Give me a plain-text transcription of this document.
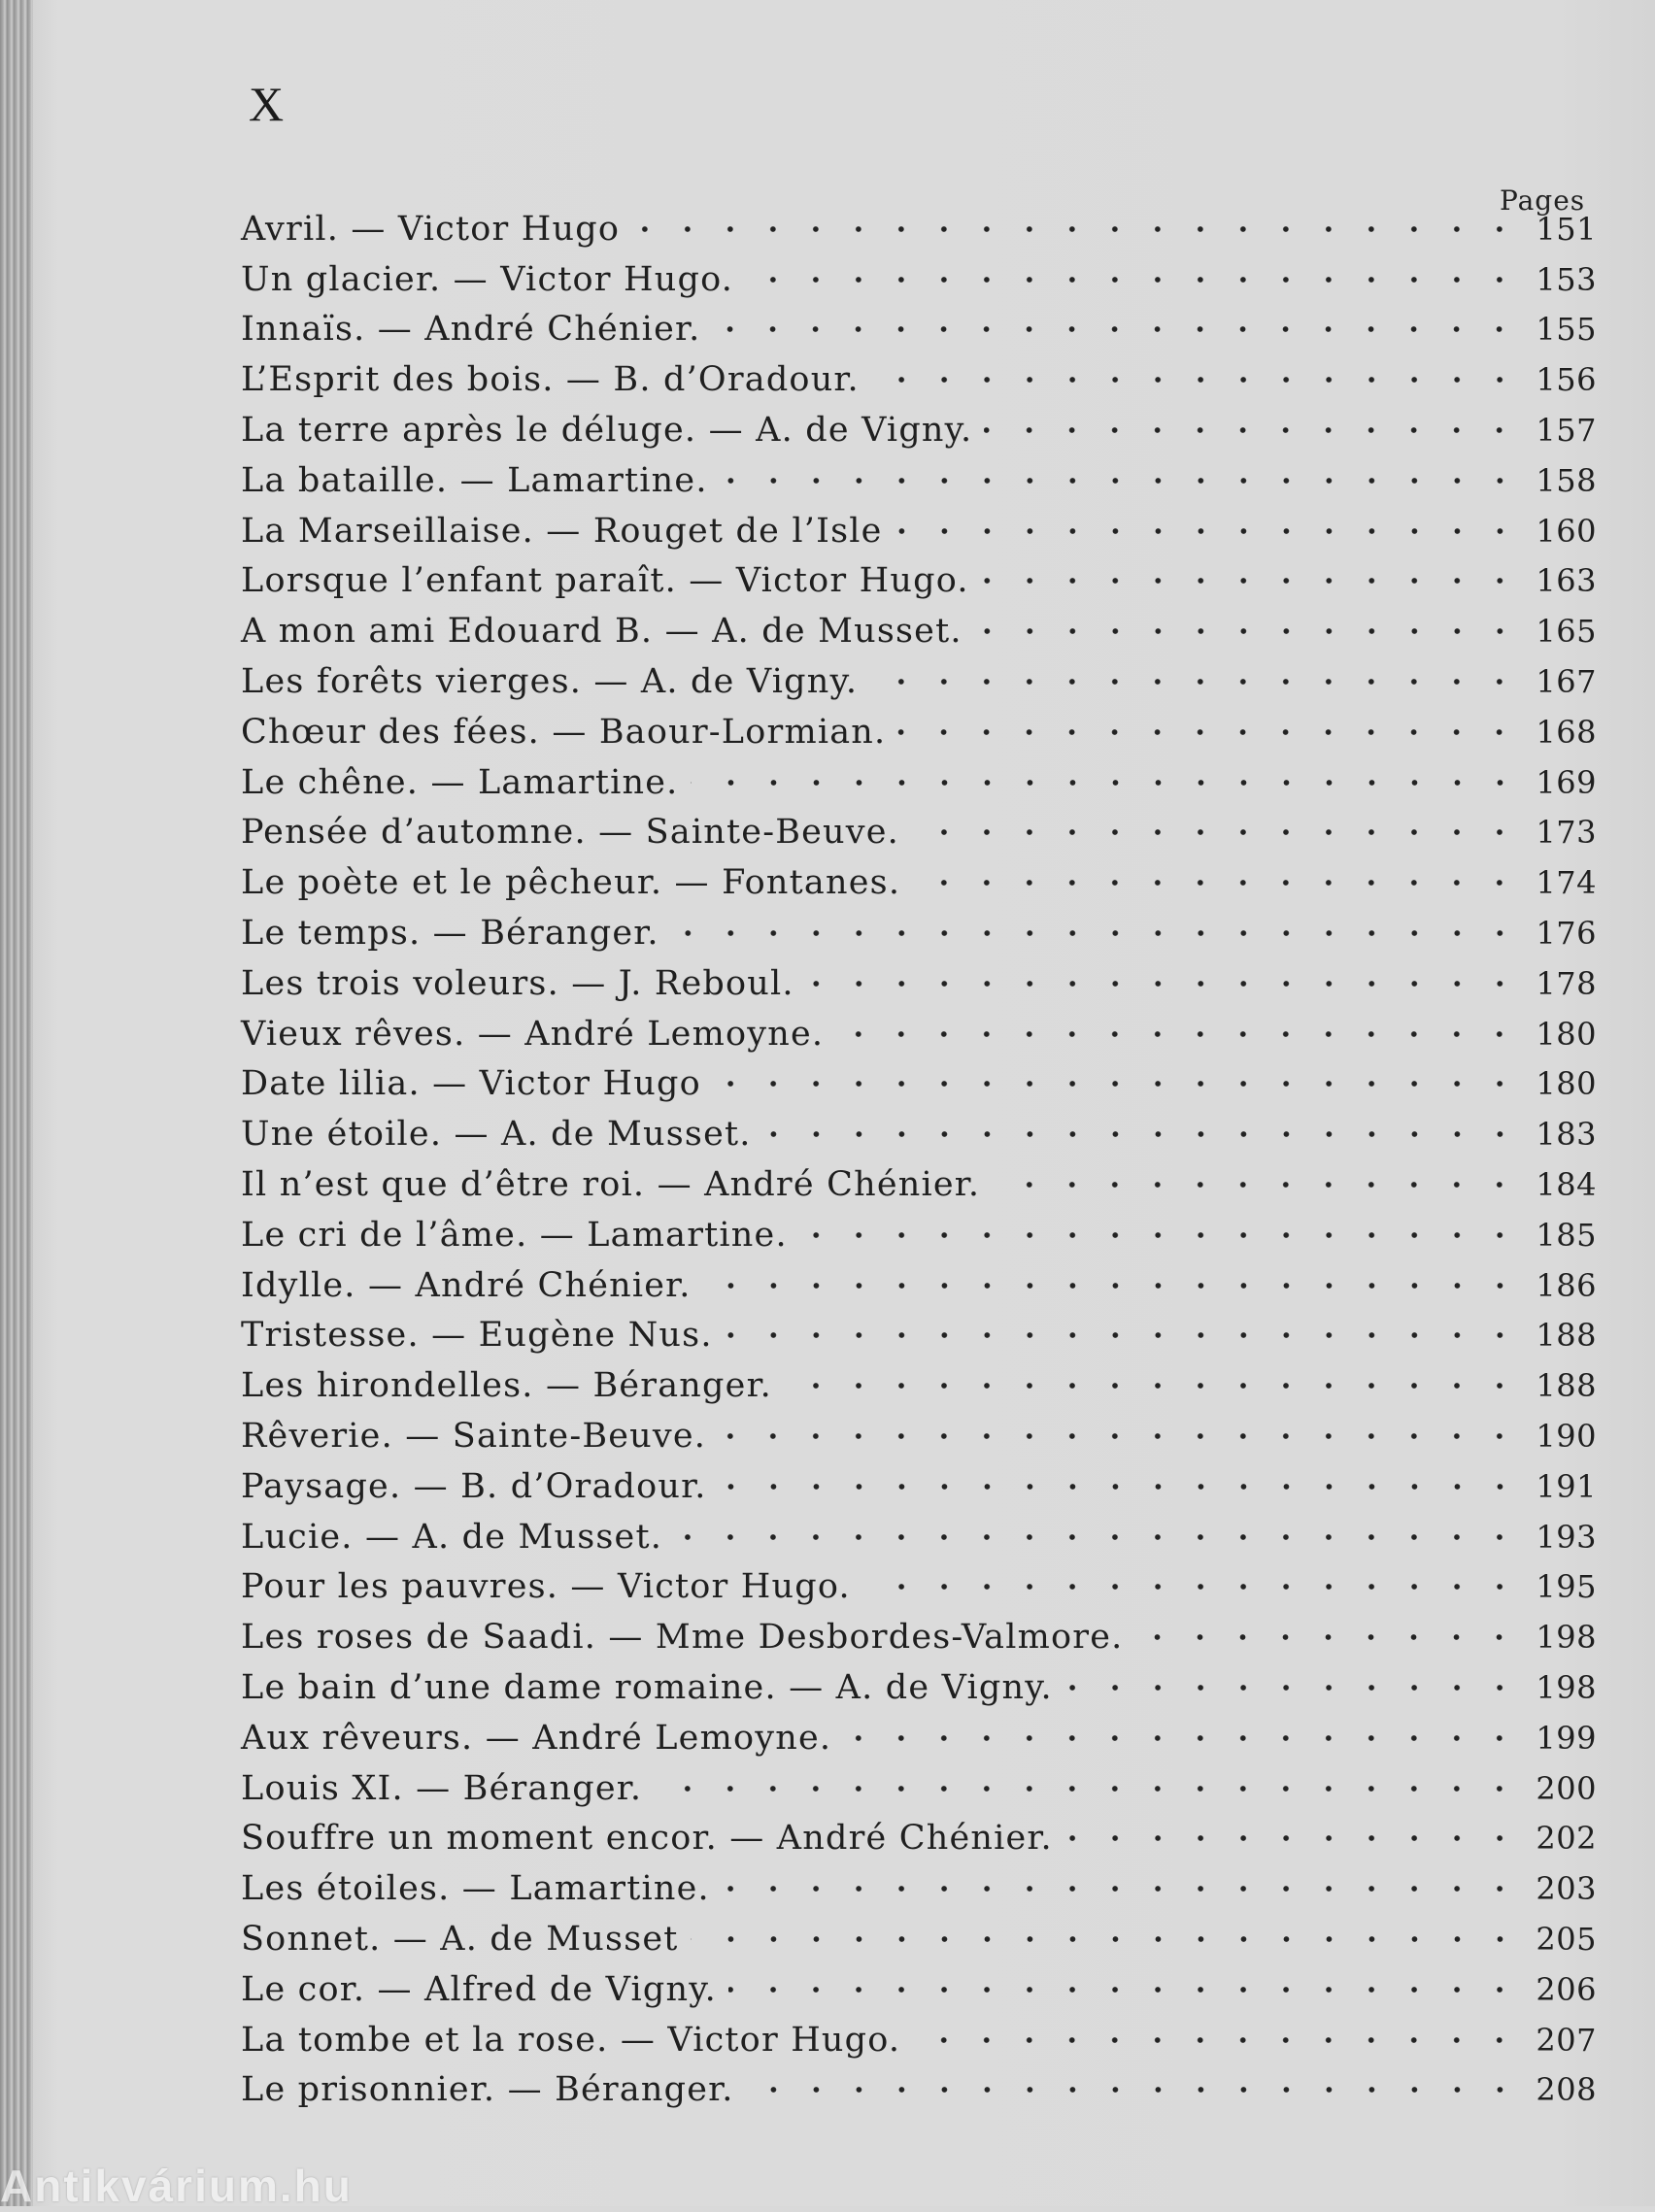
X
Pages
Avril. — Victor Hugo	151
Un glacier. — Victor Hugo.	153
Innaïs. — André Chénier.	155
L’Esprit des bois. — B. d’Oradour.	156
La terre après le déluge. — A. de Vigny.	157
La bataille. — Lamartine.	158
La Marseillaise. — Rouget de l’Isle	160
Lorsque l’enfant paraît. — Victor Hugo.	163
A mon ami Edouard B. — A. de Musset.	165
Les forêts vierges. — A. de Vigny.	167
Chœur des fées. — Baour-Lormian.	168
Le chêne. — Lamartine.	169
Pensée d’automne. — Sainte-Beuve.	173
Le poète et le pêcheur. — Fontanes.	174
Le temps. — Béranger.	176
Les trois voleurs. — J. Reboul.	178
Vieux rêves. — André Lemoyne.	180
Date lilia. — Victor Hugo	180
Une étoile. — A. de Musset.	183
Il n’est que d’être roi. — André Chénier.	184
Le cri de l’âme. — Lamartine.	185
Idylle. — André Chénier.	186
Tristesse. — Eugène Nus.	188
Les hirondelles. — Béranger.	188
Rêverie. — Sainte-Beuve.	190
Paysage. — B. d’Oradour.	191
Lucie. — A. de Musset.	193
Pour les pauvres. — Victor Hugo.	195
Les roses de Saadi. — Mme Desbordes-Valmore.	198
Le bain d’une dame romaine. — A. de Vigny.	198
Aux rêveurs. — André Lemoyne.	199
Louis XI. — Béranger.	200
Souffre un moment encor. — André Chénier.	202
Les étoiles. — Lamartine.	203
Sonnet. — A. de Musset	205
Le cor. — Alfred de Vigny.	206
La tombe et la rose. — Victor Hugo.	207
Le prisonnier. — Béranger.	208
Antikvárium.hu
